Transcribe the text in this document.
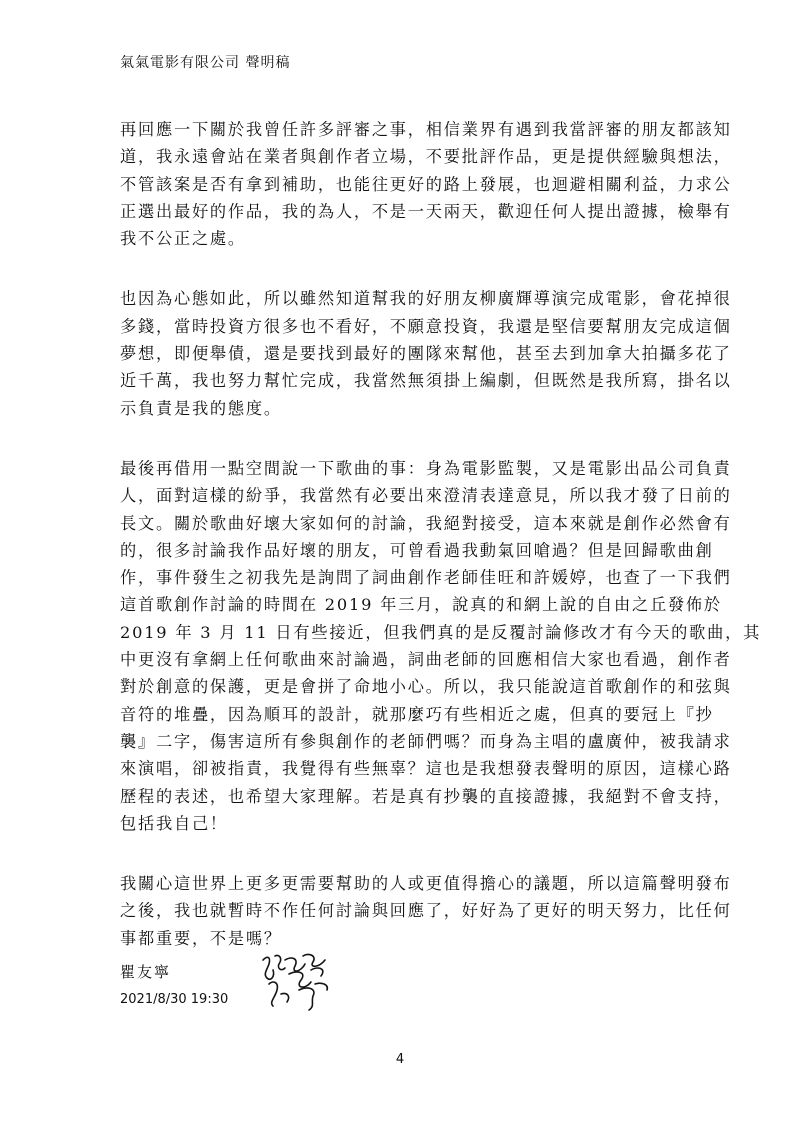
氣氣電影有限公司 聲明稿

再回應一下關於我曾任許多評審之事，相信業界有遇到我當評審的朋友都該知
道，我永遠會站在業者與創作者立場，不要批評作品，更是提供經驗與想法，
不管該案是否有拿到補助，也能往更好的路上發展，也迴避相關利益，力求公
正選出最好的作品，我的為人，不是一天兩天，歡迎任何人提出證據，檢舉有
我不公正之處。

也因為心態如此，所以雖然知道幫我的好朋友柳廣輝導演完成電影，會花掉很
多錢，當時投資方很多也不看好，不願意投資，我還是堅信要幫朋友完成這個
夢想，即便舉債，還是要找到最好的團隊來幫他，甚至去到加拿大拍攝多花了
近千萬，我也努力幫忙完成，我當然無須掛上編劇，但既然是我所寫，掛名以
示負責是我的態度。

最後再借用一點空間說一下歌曲的事：身為電影監製，又是電影出品公司負責
人，面對這樣的紛爭，我當然有必要出來澄清表達意見，所以我才發了日前的
長文。關於歌曲好壞大家如何的討論，我絕對接受，這本來就是創作必然會有
的，很多討論我作品好壞的朋友，可曾看過我動氣回嗆過？但是回歸歌曲創
作，事件發生之初我先是詢問了詞曲創作老師佳旺和許媛婷，也查了一下我們
這首歌創作討論的時間在 2019 年三月，說真的和網上說的自由之丘發佈於
2019 年 3 月 11 日有些接近，但我們真的是反覆討論修改才有今天的歌曲，其
中更沒有拿網上任何歌曲來討論過，詞曲老師的回應相信大家也看過，創作者
對於創意的保護，更是會拼了命地小心。所以，我只能說這首歌創作的和弦與
音符的堆疊，因為順耳的設計，就那麼巧有些相近之處，但真的要冠上『抄
襲』二字，傷害這所有參與創作的老師們嗎？而身為主唱的盧廣仲，被我請求
來演唱，卻被指責，我覺得有些無辜？這也是我想發表聲明的原因，這樣心路
歷程的表述，也希望大家理解。若是真有抄襲的直接證據，我絕對不會支持，
包括我自己！

我關心這世界上更多更需要幫助的人或更值得擔心的議題，所以這篇聲明發布
之後，我也就暫時不作任何討論與回應了，好好為了更好的明天努力，比任何
事都重要，不是嗎？

瞿友寧
2021/8/30 19:30
4
